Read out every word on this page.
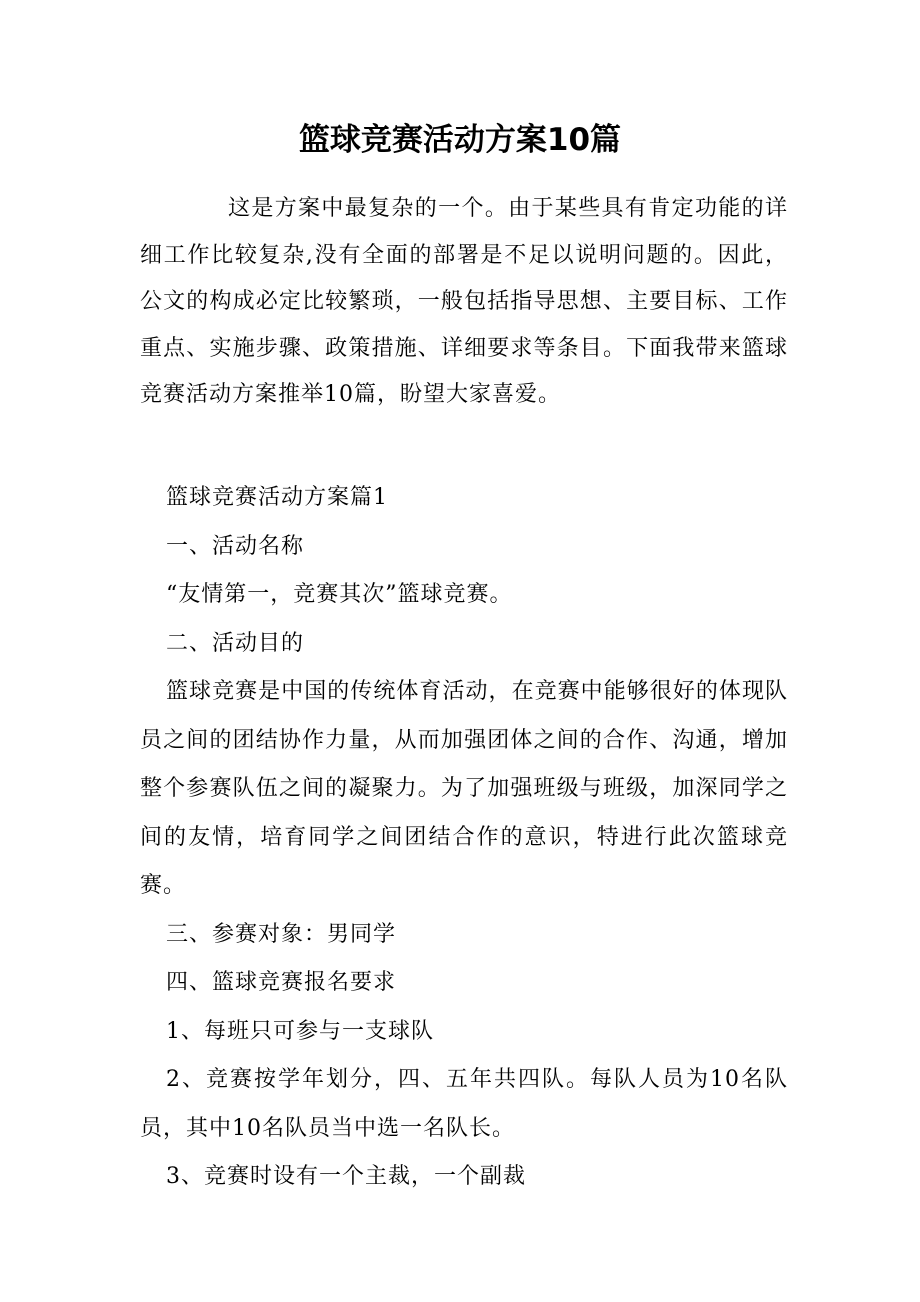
篮球竞赛活动方案10篇

这是方案中最复杂的一个。由于某些具有肯定功能的详细工作比较复杂,没有全面的部署是不足以说明问题的。因此，公文的构成必定比较繁琐，一般包括指导思想、主要目标、工作重点、实施步骤、政策措施、详细要求等条目。下面我带来篮球竞赛活动方案推举10篇，盼望大家喜爱。

篮球竞赛活动方案篇1

一、活动名称

“友情第一，竞赛其次”篮球竞赛。

二、活动目的

篮球竞赛是中国的传统体育活动，在竞赛中能够很好的体现队员之间的团结协作力量，从而加强团体之间的合作、沟通，增加整个参赛队伍之间的凝聚力。为了加强班级与班级，加深同学之间的友情，培育同学之间团结合作的意识，特进行此次篮球竞赛。

三、参赛对象：男同学

四、篮球竞赛报名要求

1、每班只可参与一支球队

2、竞赛按学年划分，四、五年共四队。每队人员为10名队员，其中10名队员当中选一名队长。

3、竞赛时设有一个主裁，一个副裁
